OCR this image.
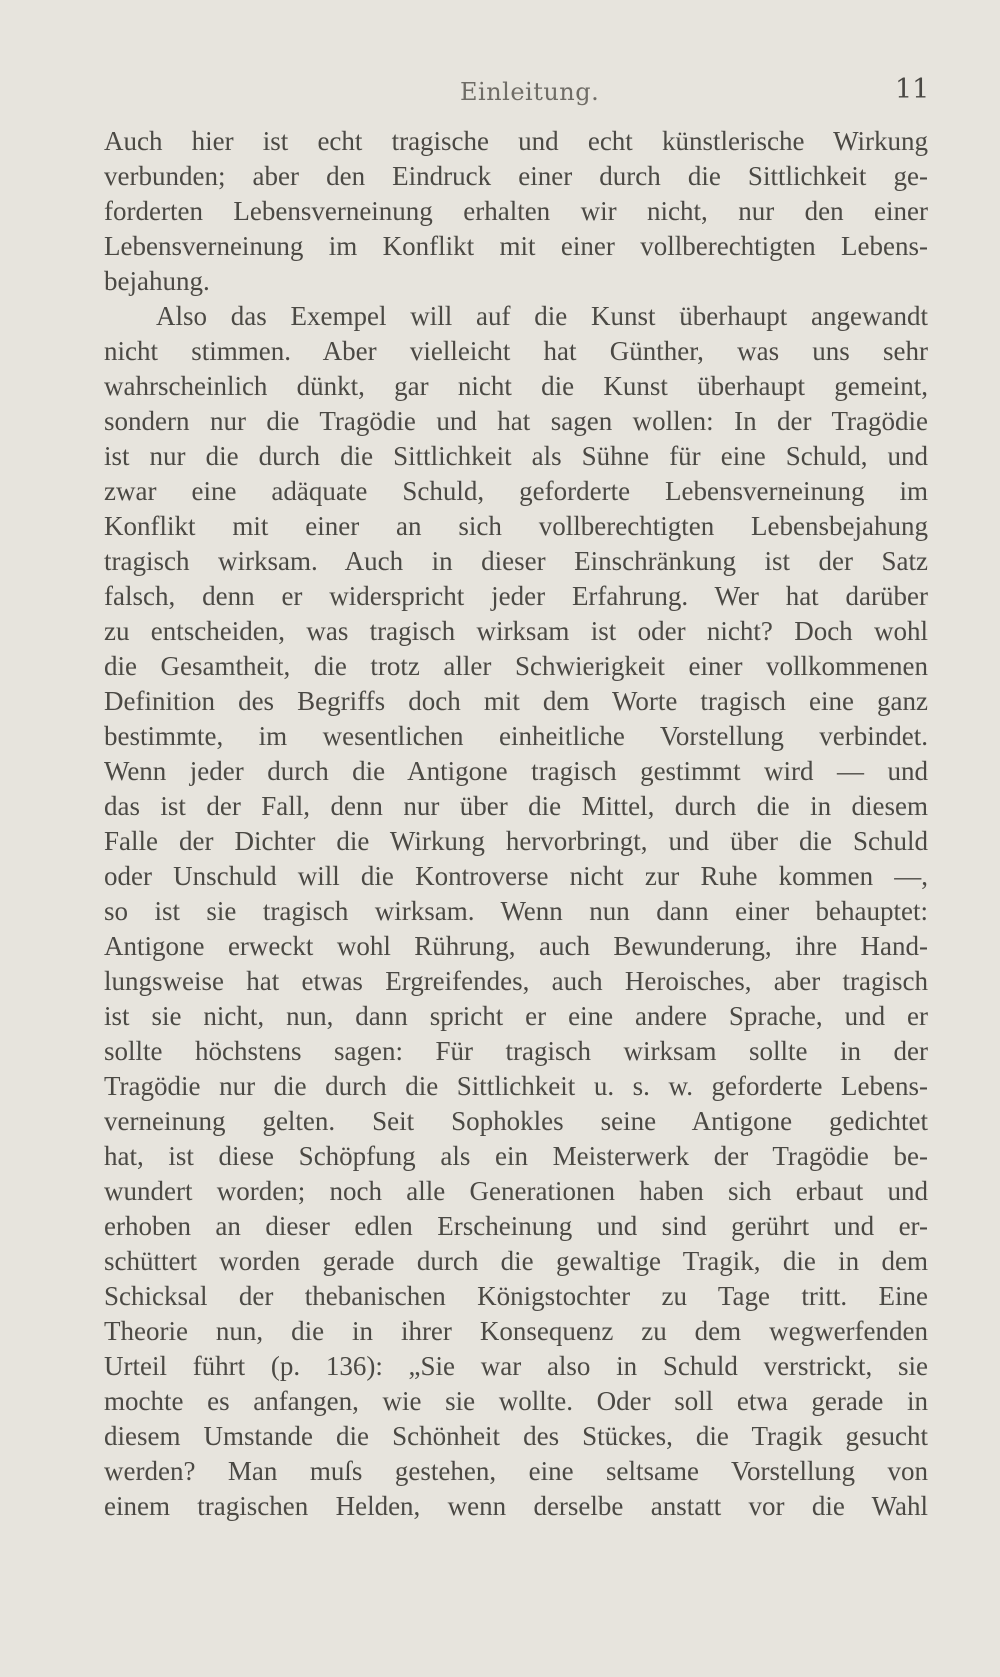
Einleitung.	11
Auch hier ist echt tragische und echt künstlerische Wirkung
verbunden; aber den Eindruck einer durch die Sittlichkeit ge-
forderten Lebensverneinung erhalten wir nicht, nur den einer
Lebensverneinung im Konflikt mit einer vollberechtigten Lebens-
bejahung.
Also das Exempel will auf die Kunst überhaupt angewandt
nicht stimmen. Aber vielleicht hat Günther, was uns sehr
wahrscheinlich dünkt, gar nicht die Kunst überhaupt gemeint,
sondern nur die Tragödie und hat sagen wollen: In der Tragödie
ist nur die durch die Sittlichkeit als Sühne für eine Schuld, und
zwar eine adäquate Schuld, geforderte Lebensverneinung im
Konflikt mit einer an sich vollberechtigten Lebensbejahung
tragisch wirksam. Auch in dieser Einschränkung ist der Satz
falsch, denn er widerspricht jeder Erfahrung. Wer hat darüber
zu entscheiden, was tragisch wirksam ist oder nicht? Doch wohl
die Gesamtheit, die trotz aller Schwierigkeit einer vollkommenen
Definition des Begriffs doch mit dem Worte tragisch eine ganz
bestimmte, im wesentlichen einheitliche Vorstellung verbindet.
Wenn jeder durch die Antigone tragisch gestimmt wird — und
das ist der Fall, denn nur über die Mittel, durch die in diesem
Falle der Dichter die Wirkung hervorbringt, und über die Schuld
oder Unschuld will die Kontroverse nicht zur Ruhe kommen —,
so ist sie tragisch wirksam. Wenn nun dann einer behauptet:
Antigone erweckt wohl Rührung, auch Bewunderung, ihre Hand-
lungsweise hat etwas Ergreifendes, auch Heroisches, aber tragisch
ist sie nicht, nun, dann spricht er eine andere Sprache, und er
sollte höchstens sagen: Für tragisch wirksam sollte in der
Tragödie nur die durch die Sittlichkeit u. s. w. geforderte Lebens-
verneinung gelten. Seit Sophokles seine Antigone gedichtet
hat, ist diese Schöpfung als ein Meisterwerk der Tragödie be-
wundert worden; noch alle Generationen haben sich erbaut und
erhoben an dieser edlen Erscheinung und sind gerührt und er-
schüttert worden gerade durch die gewaltige Tragik, die in dem
Schicksal der thebanischen Königstochter zu Tage tritt. Eine
Theorie nun, die in ihrer Konsequenz zu dem wegwerfenden
Urteil führt (p. 136): „Sie war also in Schuld verstrickt, sie
mochte es anfangen, wie sie wollte. Oder soll etwa gerade in
diesem Umstande die Schönheit des Stückes, die Tragik gesucht
werden? Man muſs gestehen, eine seltsame Vorstellung von
einem tragischen Helden, wenn derselbe anstatt vor die Wahl
